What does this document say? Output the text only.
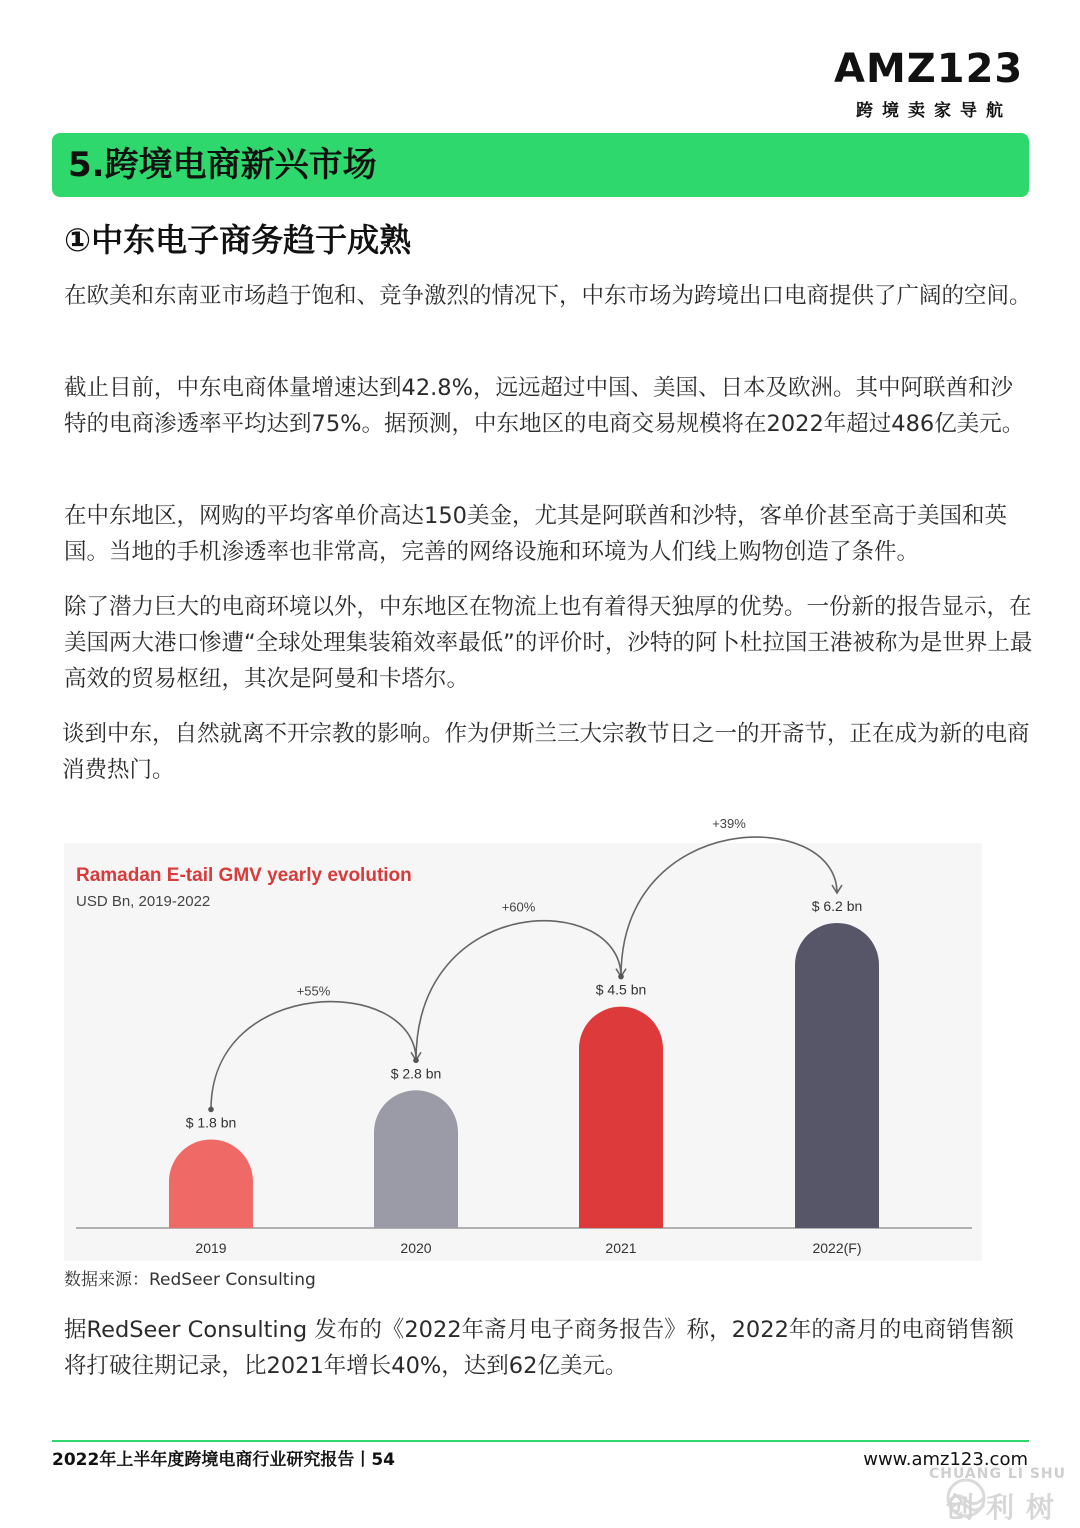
AMZ123
跨境卖家导航
5.跨境电商新兴市场
①中东电子商务趋于成熟

在欧美和东南亚市场趋于饱和、竞争激烈的情况下，中东市场为跨境出口电商提供了广阔的空间。

截止目前，中东电商体量增速达到42.8%，远远超过中国、美国、日本及欧洲。其中阿联酋和沙特的电商渗透率平均达到75%。据预测，中东地区的电商交易规模将在2022年超过486亿美元。

在中东地区，网购的平均客单价高达150美金，尤其是阿联酋和沙特，客单价甚至高于美国和英国。当地的手机渗透率也非常高，完善的网络设施和环境为人们线上购物创造了条件。

除了潜力巨大的电商环境以外，中东地区在物流上也有着得天独厚的优势。一份新的报告显示，在美国两大港口惨遭“全球处理集装箱效率最低”的评价时，沙特的阿卜杜拉国王港被称为是世界上最高效的贸易枢纽，其次是阿曼和卡塔尔。

谈到中东，自然就离不开宗教的影响。作为伊斯兰三大宗教节日之一的开斋节，正在成为新的电商消费热门。

Ramadan E-tail GMV yearly evolution
USD Bn, 2019-2022
$ 1.8 bn
2019
$ 2.8 bn
2020
$ 4.5 bn
2021
$ 6.2 bn
2022(F)
+55%
+60%
+39%
数据来源：RedSeer Consulting

据RedSeer Consulting 发布的《2022年斋月电子商务报告》称，2022年的斋月的电商销售额将打破往期记录，比2021年增长40%，达到62亿美元。

2022年上半年度跨境电商行业研究报告丨54	www.amz123.com
CHUANG LI SHU
创利树
